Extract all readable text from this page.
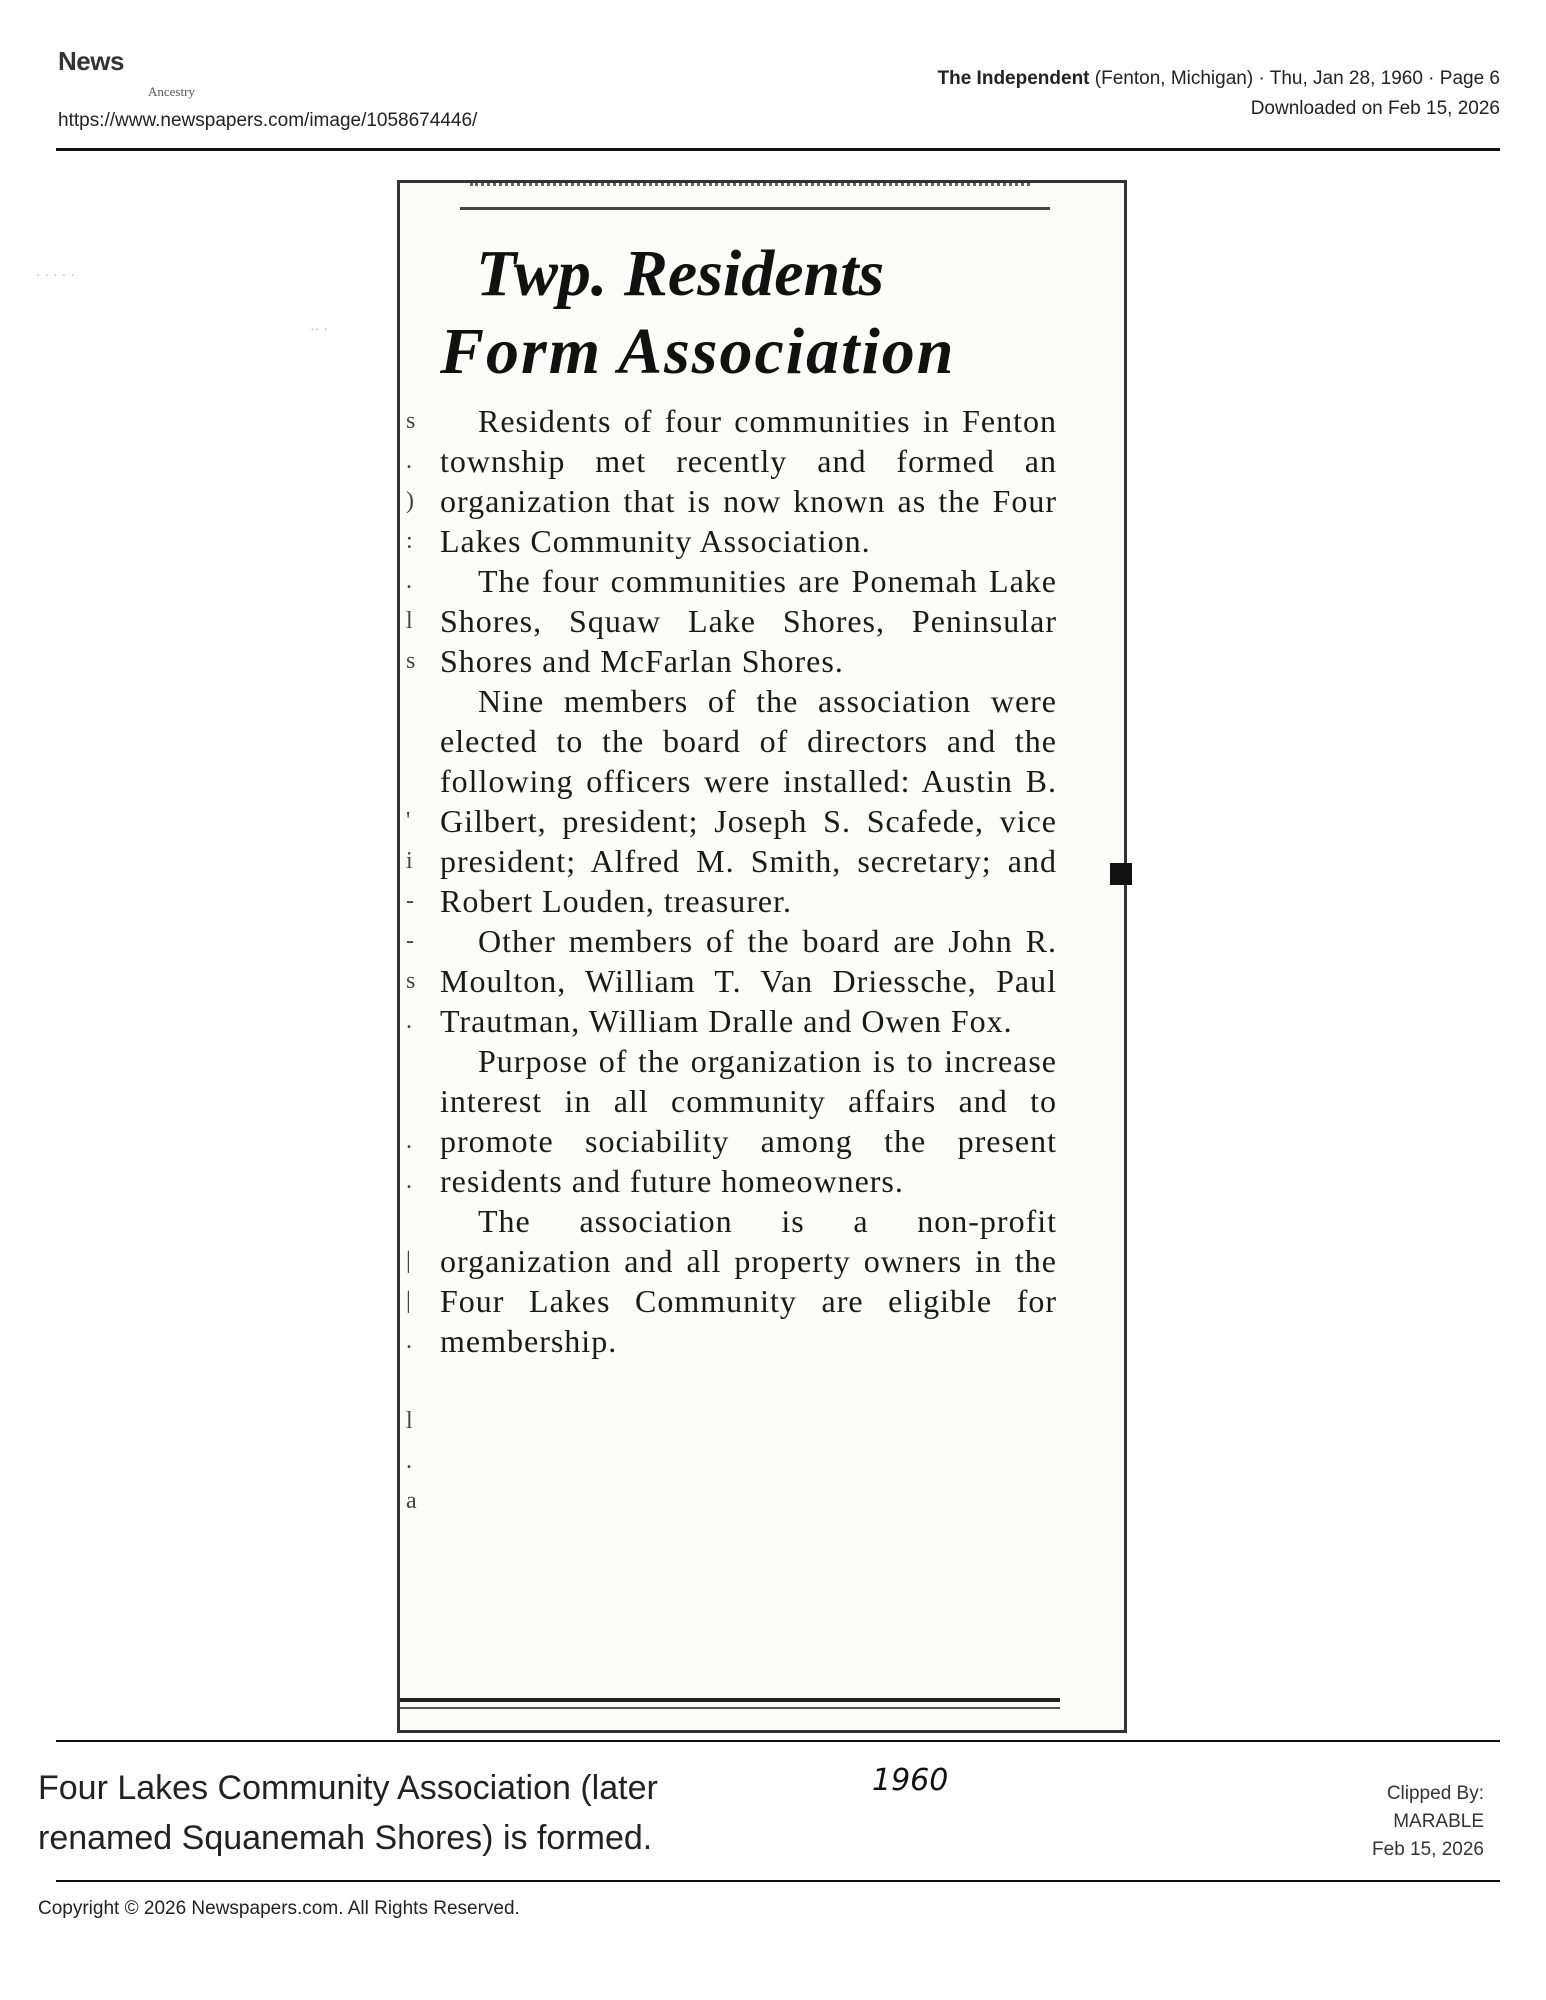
News
⁠Ancestry
https://www.newspapers.com/image/1058674446/
The Independent (Fenton, Michigan) · Thu, Jan 28, 1960 · Page 6
Downloaded on Feb 15, 2026
· · · · ·
·· ·
s
.
)
:
.
l
s

'
i
-
-
s
.

.
.

|
|
.

l
.
a
Twp. Residents
Form Association

Residents of four communities in Fenton township met recently and formed an organization that is now known as the Four Lakes Community Association.

The four communities are Ponemah Lake Shores, Squaw Lake Shores, Peninsular Shores and McFarlan Shores.

Nine members of the association were elected to the board of directors and the following officers were installed: Austin B. Gilbert, president; Joseph S. Scafede, vice president; Alfred M. Smith, secretary; and Robert Louden, treasurer.

Other members of the board are John R. Moulton, William T. Van Driessche, Paul Trautman, William Dralle and Owen Fox.

Purpose of the organization is to increase interest in all community affairs and to promote sociability among the present residents and future homeowners.

The association is a non-profit organization and all property owners in the Four Lakes Community are eligible for membership.

Four Lakes Community Association (later
renamed Squanemah Shores) is formed.
1960	Clipped By:
MARABLE
Feb 15, 2026
Copyright © 2026 Newspapers.com. All Rights Reserved.
